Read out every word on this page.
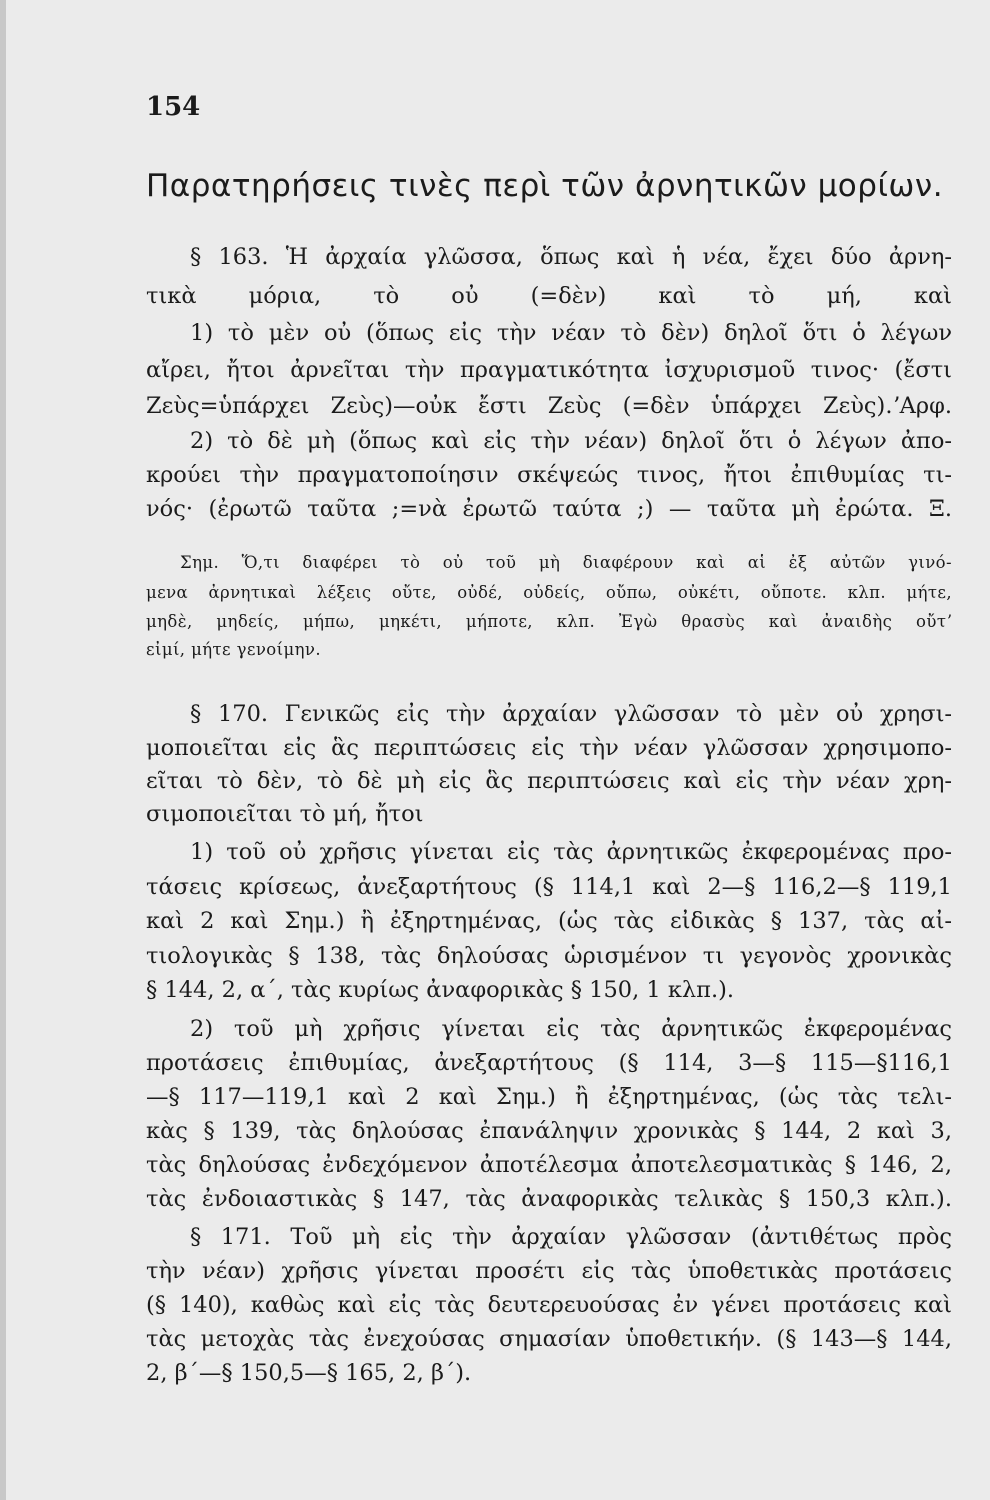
154
Παρατηρήσεις τινὲς περὶ τῶν ἀρνητικῶν μορίων.
§ 163. Ἡ ἀρχαία γλῶσσα, ὅπως καὶ ἡ νέα, ἔχει δύο ἀρνη-
τικὰ μόρια, τὸ οὐ (=δὲν) καὶ τὸ μή, καὶ
1) τὸ μὲν οὐ (ὅπως εἰς τὴν νέαν τὸ δὲν) δηλοῖ ὅτι ὁ λέγων
αἴρει, ἤτοι ἀρνεῖται τὴν πραγματικότητα ἰσχυρισμοῦ τινος· (ἔστι
Ζεὺς=ὑπάρχει Ζεὺς)—οὐκ ἔστι Ζεὺς (=δὲν ὑπάρχει Ζεὺς).ʼΑρφ.
2) τὸ δὲ μὴ (ὅπως καὶ εἰς τὴν νέαν) δηλοῖ ὅτι ὁ λέγων ἀπο-
κρούει τὴν πραγματοποίησιν σκέψεώς τινος, ἤτοι ἐπιθυμίας τι-
νός· (ἐρωτῶ ταῦτα ;=νὰ ἐρωτῶ ταύτα ;) — ταῦτα μὴ ἐρώτα. Ξ.
Σημ. Ὅ,τι διαφέρει τὸ οὐ τοῦ μὴ διαφέρουν καὶ αἱ ἐξ αὐτῶν γινό-
μενα ἀρνητικαὶ λέξεις οὔτε, οὐδέ, οὐδείς, οὔπω, οὐκέτι, οὔποτε. κλπ. μήτε,
μηδὲ, μηδείς, μήπω, μηκέτι, μήποτε, κλπ. Ἐγὼ θρασὺς καὶ ἀναιδὴς οὔτʼ
εἰμί, μήτε γενοίμην.
§ 170. Γενικῶς εἰς τὴν ἀρχαίαν γλῶσσαν τὸ μὲν οὐ χρησι-
μοποιεῖται εἰς ἃς περιπτώσεις εἰς τὴν νέαν γλῶσσαν χρησιμοπο-
εῖται τὸ δὲν, τὸ δὲ μὴ εἰς ἃς περιπτώσεις καὶ εἰς τὴν νέαν χρη-
σιμοποιεῖται τὸ μή, ἤτοι
1) τοῦ οὐ χρῆσις γίνεται εἰς τὰς ἀρνητικῶς ἐκφερομένας προ-
τάσεις κρίσεως, ἀνεξαρτήτους (§ 114,1 καὶ 2—§ 116,2—§ 119,1
καὶ 2 καὶ Σημ.) ἢ ἐξηρτημένας, (ὡς τὰς εἰδικὰς § 137, τὰς αἰ-
τιολογικὰς § 138, τὰς δηλούσας ὡρισμένον τι γεγονὸς χρονικὰς
§ 144, 2, α΄, τὰς κυρίως ἀναφορικὰς § 150, 1 κλπ.).
2) τοῦ μὴ χρῆσις γίνεται εἰς τὰς ἀρνητικῶς ἐκφερομένας
προτάσεις ἐπιθυμίας, ἀνεξαρτήτους (§ 114, 3—§ 115—§116,1
—§ 117—119,1 καὶ 2 καὶ Σημ.) ἢ ἐξηρτημένας, (ὡς τὰς τελι-
κὰς § 139, τὰς δηλούσας ἐπανάληψιν χρονικὰς § 144, 2 καὶ 3,
τὰς δηλούσας ἐνδεχόμενον ἀποτέλεσμα ἀποτελεσματικὰς § 146, 2,
τὰς ἐνδοιαστικὰς § 147, τὰς ἀναφορικὰς τελικὰς § 150,3 κλπ.).
§ 171. Τοῦ μὴ εἰς τὴν ἀρχαίαν γλῶσσαν (ἀντιθέτως πρὸς
τὴν νέαν) χρῆσις γίνεται προσέτι εἰς τὰς ὑποθετικὰς προτάσεις
(§ 140), καθὼς καὶ εἰς τὰς δευτερευούσας ἐν γένει προτάσεις καὶ
τὰς μετοχὰς τὰς ἐνεχούσας σημασίαν ὑποθετικήν. (§ 143—§ 144,
2, β΄—§ 150,5—§ 165, 2, β΄).
